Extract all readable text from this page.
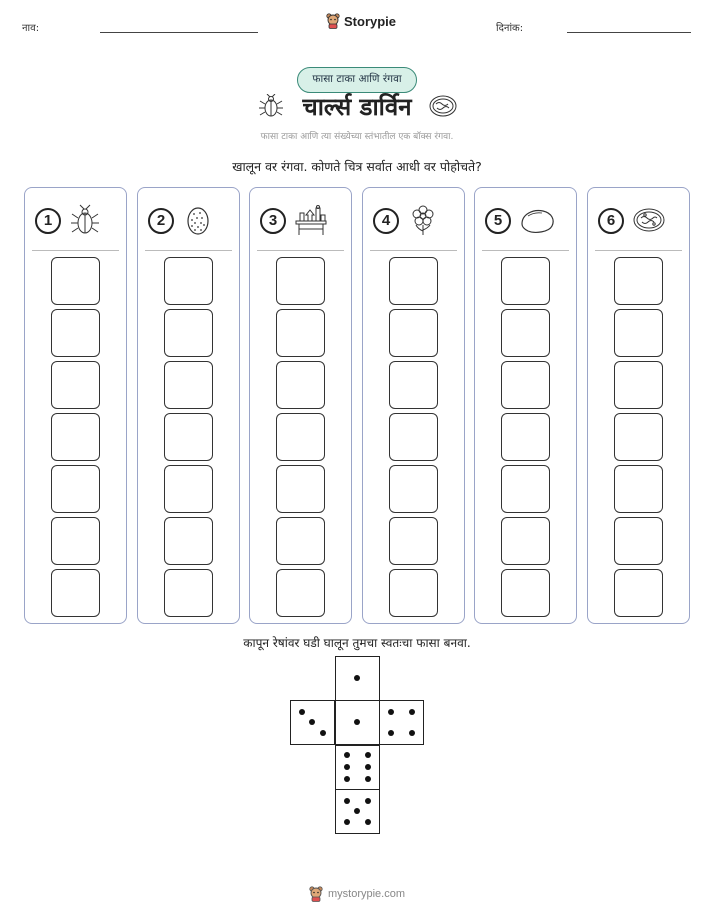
नाव:	Storypie	दिनांक:
फासा टाका आणि रंगवा
चार्ल्स डार्विन
फासा टाका आणि त्या संख्येच्या स्तंभातील एक बॉक्स रंगवा.
खालून वर रंगवा. कोणते चित्र सर्वात आधी वर पोहोचते?
1	2	3	4	5	6
कापून रेषांवर घडी घालून तुमचा स्वतःचा फासा बनवा.
mystorypie.com
